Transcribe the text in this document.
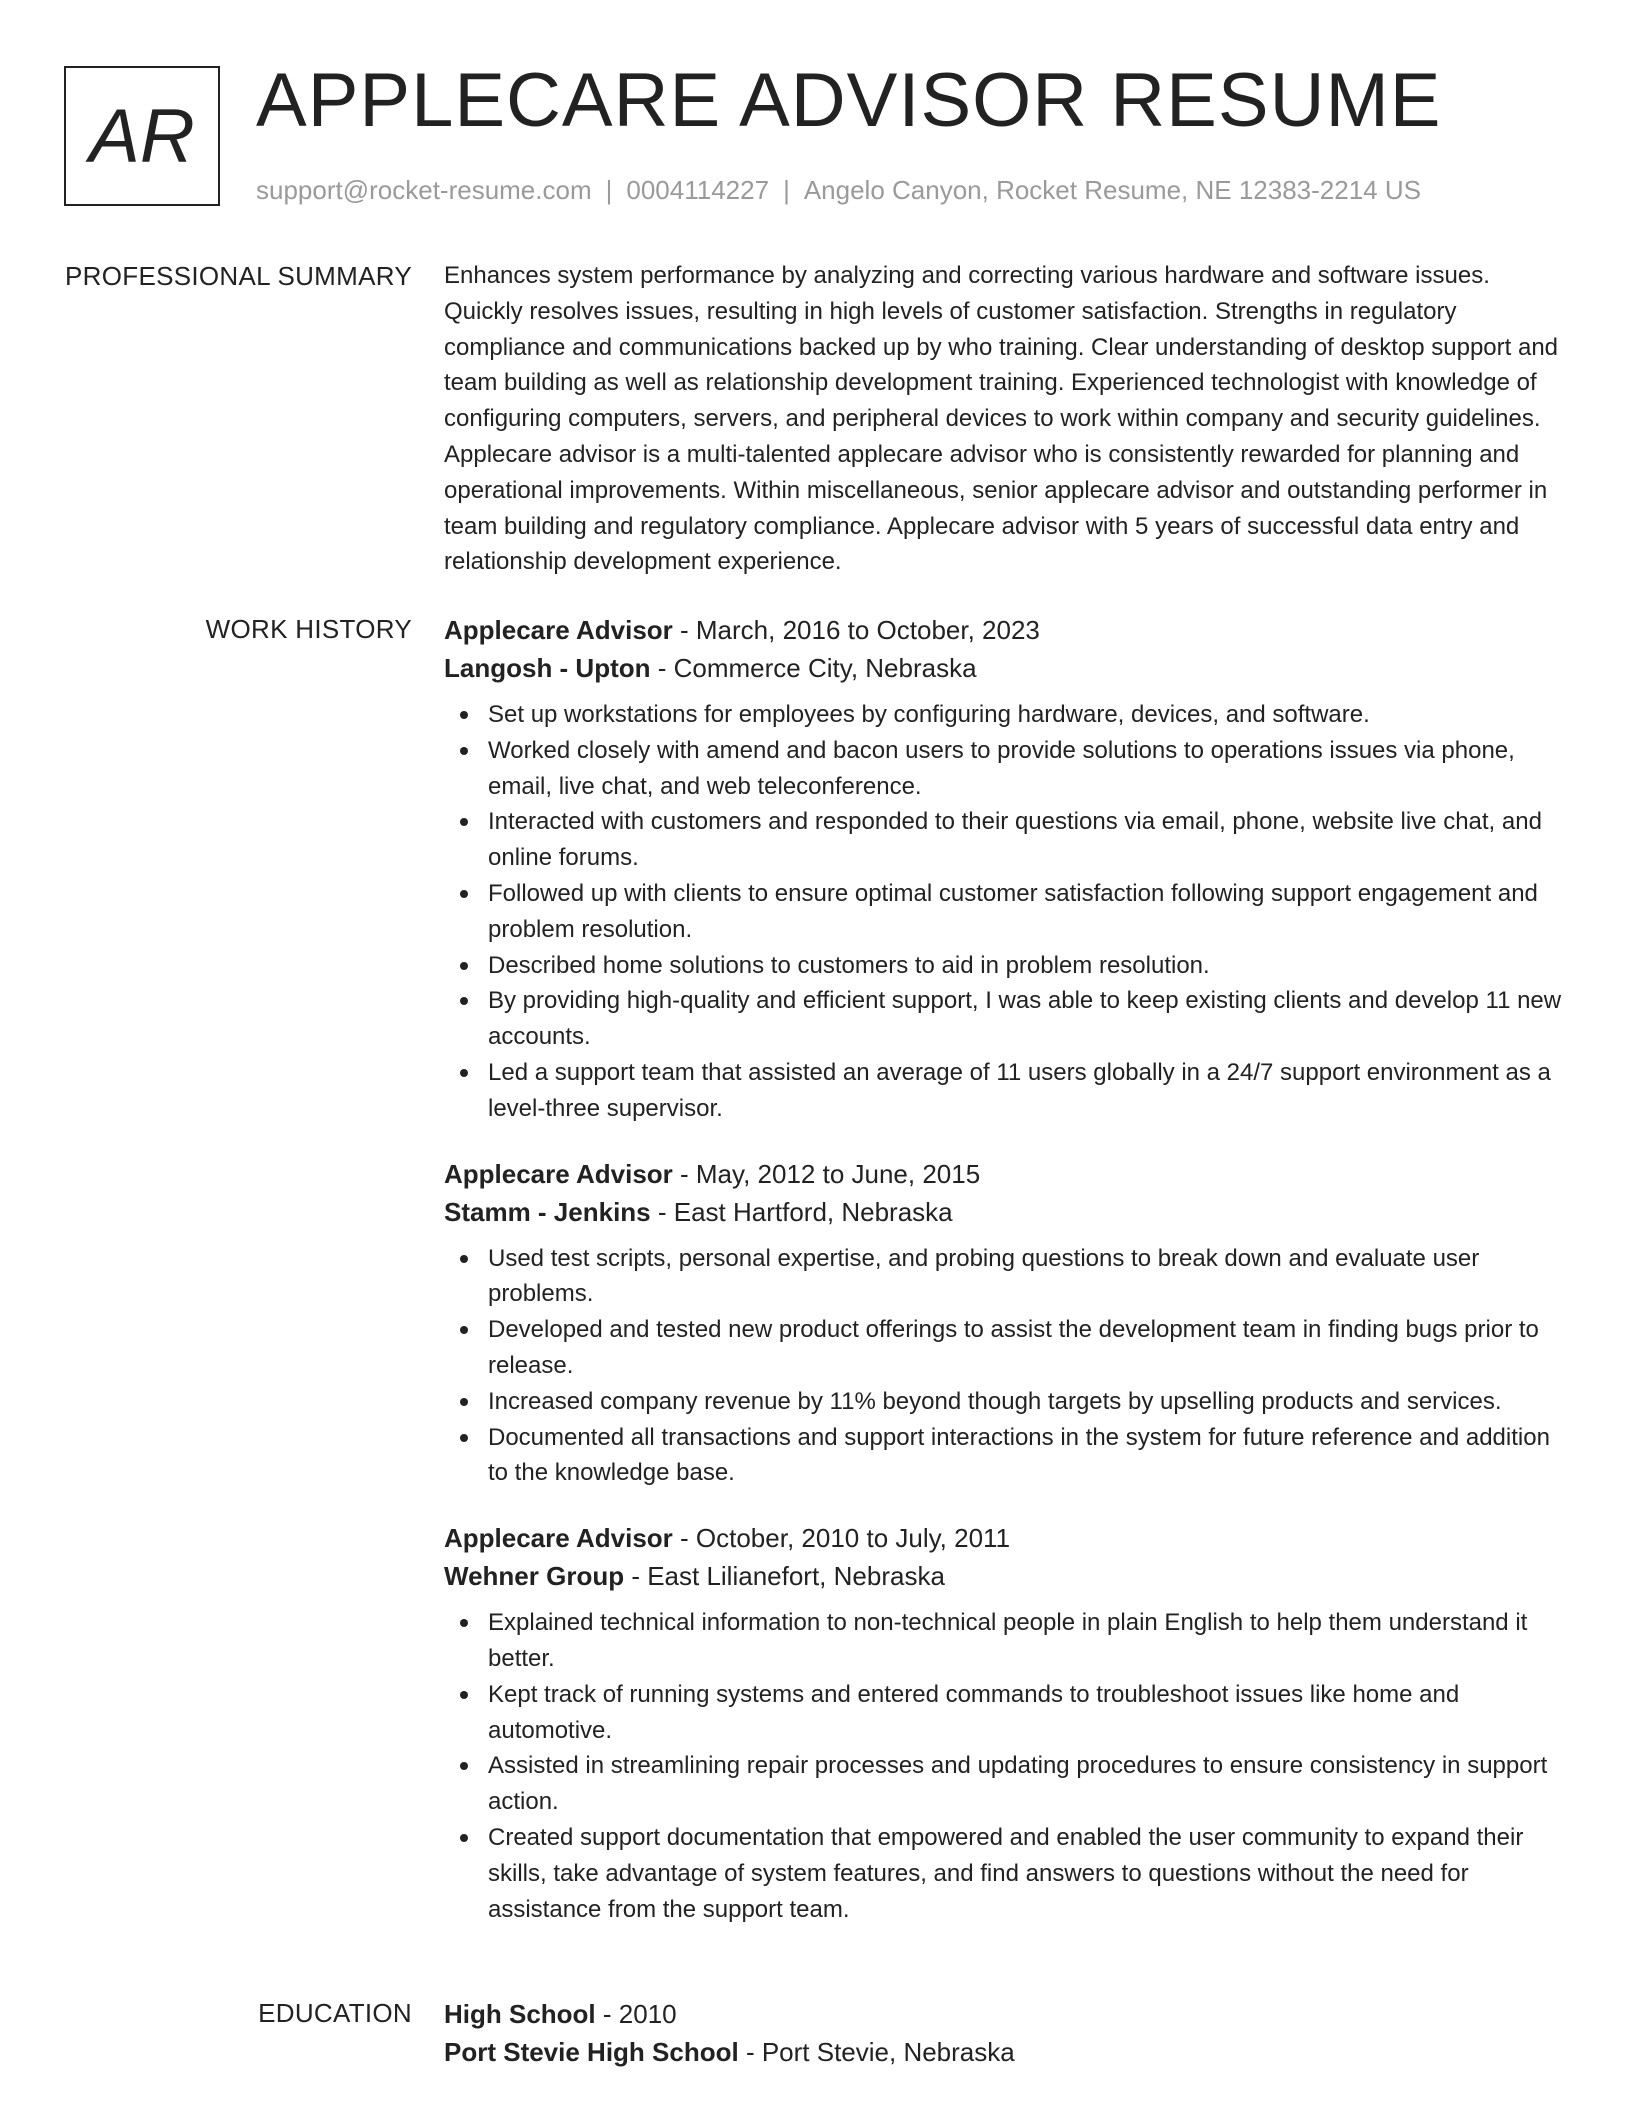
AR APPLECARE ADVISOR RESUME
support@rocket-resume.com | 0004114227 | Angelo Canyon, Rocket Resume, NE 12383-2214 US
PROFESSIONAL SUMMARY Enhances system performance by analyzing and correcting various hardware and software issues. Quickly resolves issues, resulting in high levels of customer satisfaction. Strengths in regulatory compliance and communications backed up by who training. Clear understanding of desktop support and team building as well as relationship development training. Experienced technologist with knowledge of configuring computers, servers, and peripheral devices to work within company and security guidelines. Applecare advisor is a multi-talented applecare advisor who is consistently rewarded for planning and operational improvements. Within miscellaneous, senior applecare advisor and outstanding performer in team building and regulatory compliance. Applecare advisor with 5 years of successful data entry and relationship development experience.

WORK HISTORY Applecare Advisor - March, 2016 to October, 2023

Langosh - Upton - Commerce City, Nebraska

Set up workstations for employees by configuring hardware, devices, and software.
Worked closely with amend and bacon users to provide solutions to operations issues via phone, email, live chat, and web teleconference.
Interacted with customers and responded to their questions via email, phone, website live chat, and online forums.
Followed up with clients to ensure optimal customer satisfaction following support engagement and problem resolution.
Described home solutions to customers to aid in problem resolution.
By providing high-quality and efficient support, I was able to keep existing clients and develop 11 new accounts.
Led a support team that assisted an average of 11 users globally in a 24/7 support environment as a level-three supervisor.

Applecare Advisor - May, 2012 to June, 2015

Stamm - Jenkins - East Hartford, Nebraska

Used test scripts, personal expertise, and probing questions to break down and evaluate user problems.
Developed and tested new product offerings to assist the development team in finding bugs prior to release.
Increased company revenue by 11% beyond though targets by upselling products and services.
Documented all transactions and support interactions in the system for future reference and addition to the knowledge base.

Applecare Advisor - October, 2010 to July, 2011

Wehner Group - East Lilianefort, Nebraska

Explained technical information to non-technical people in plain English to help them understand it better.
Kept track of running systems and entered commands to troubleshoot issues like home and automotive.
Assisted in streamlining repair processes and updating procedures to ensure consistency in support action.
Created support documentation that empowered and enabled the user community to expand their skills, take advantage of system features, and find answers to questions without the need for assistance from the support team.
EDUCATION High School - 2010

Port Stevie High School - Port Stevie, Nebraska
